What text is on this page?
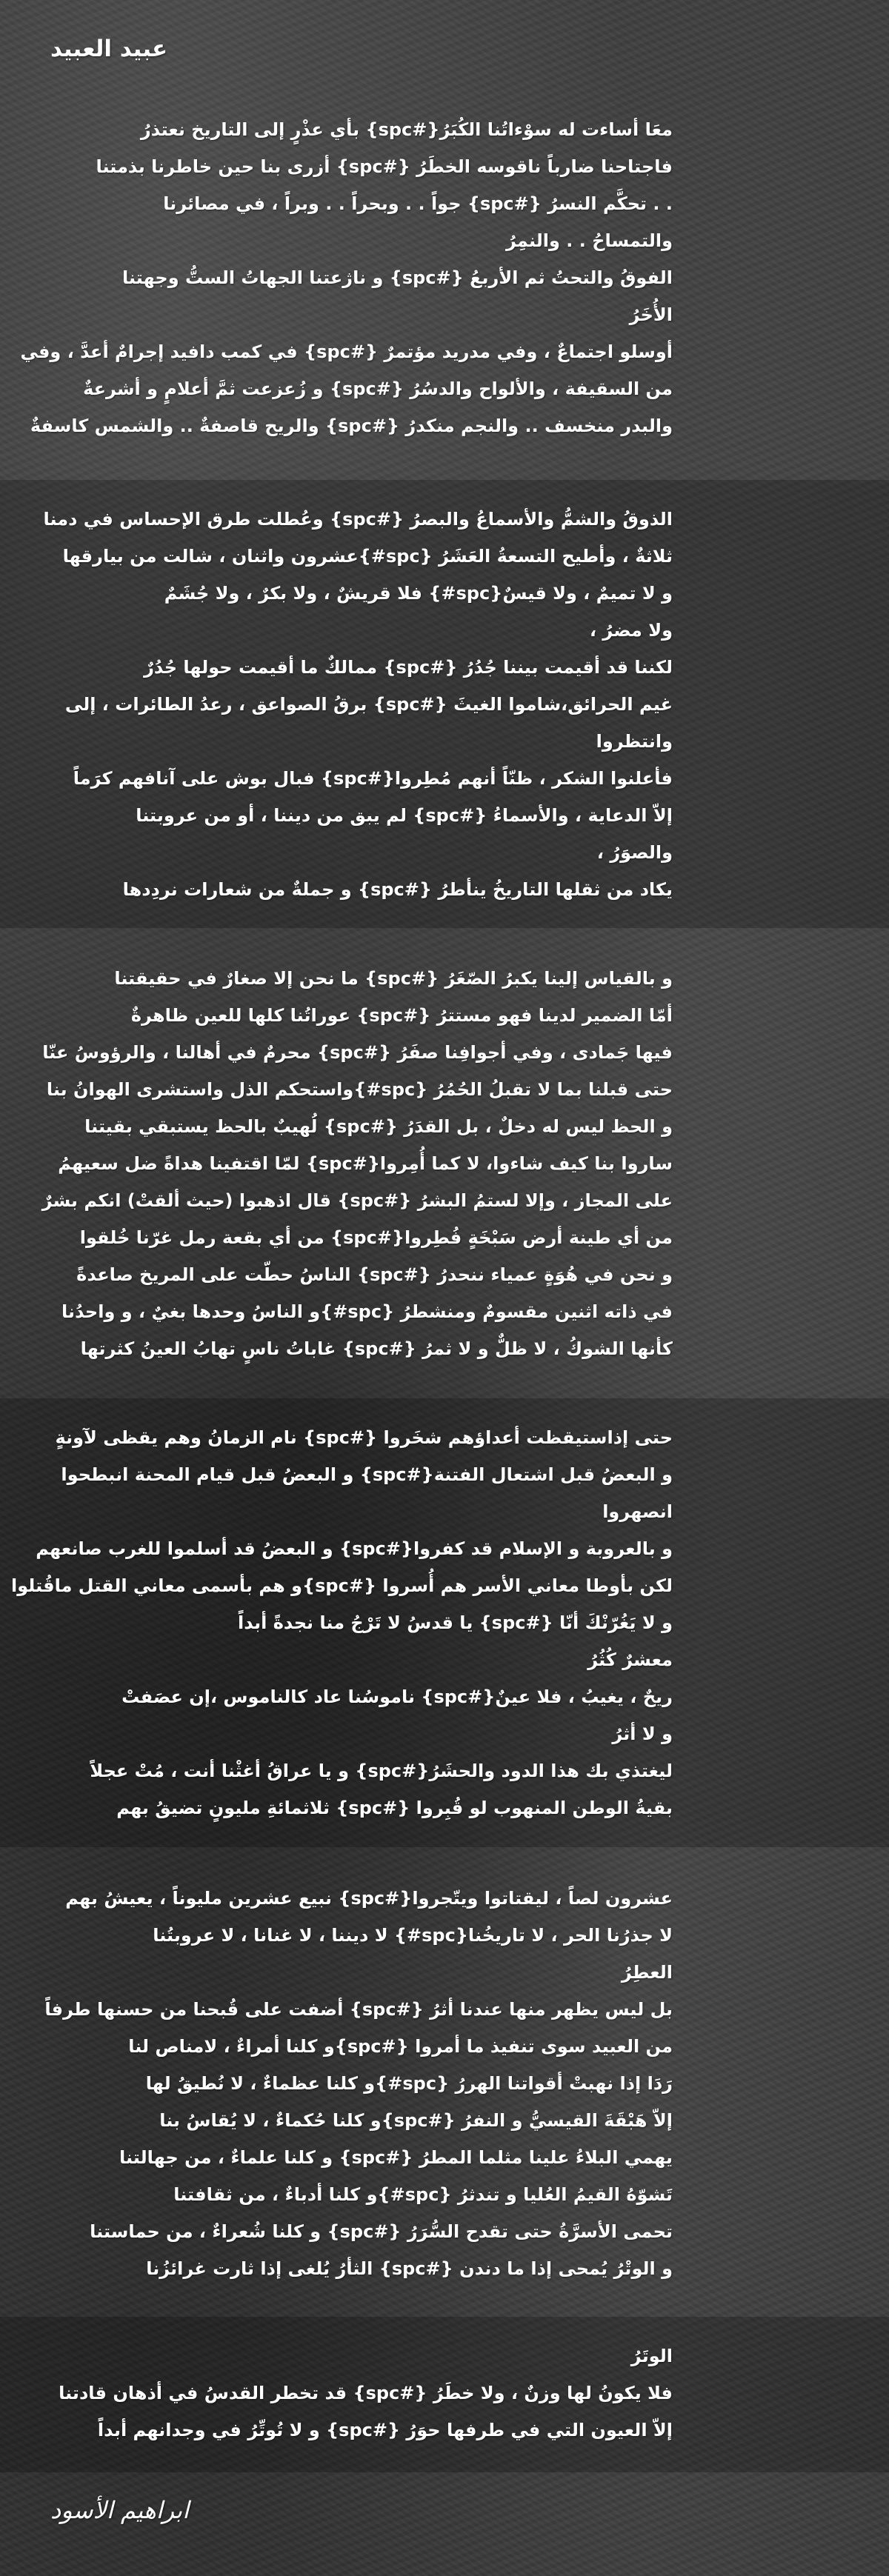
عبيد العبيد
معَا أساءت له سوْءاتُنا الكُبَرُ{#spc} بأي عذْرٍ إلى التاريخ نعتذرُ
فاجتاحنا ضارباً ناقوسه الخطَرُ {#spc} أزرى بنا حين خاطرنا بذمتنا
. . تحكَّم النسرُ {#spc} جواً . . وبحراً . . وبراً ، في مصائرنا
والتمساحُ . . والنمِرُ
الفوقُ والتحتُ ثم الأربعُ {#spc} و ناژعتنا الجهاتُ الستُّ وجهتنا
الأُخَرُ
أوسلو اجتماعٌ ، وفي مدريد مؤتمرٌ {#spc} في كمب دافيد إجرامٌ أعدَّ ، وفي
من السقيفة ، والألواح والدسُرُ {#spc} و زُعزعت ثمَّ أعلامٍ و أشرعةٌ
والبدر منخسف .. والنجم منكدرُ {#spc} والريح قاصفةٌ .. والشمس كاسفةٌ
الذوقُ والشمُّ والأسماعُ والبصرُ {#spc} وعُطلت طرق الإحساس في دمنا
ثلاثةٌ ، وأطيح التسعةُ العَشَرُ {spc#}عشرون واثنان ، شالت من بيارقها
و لا تميمٌ ، ولا قيسٌ{spc#} فلا قريشٌ ، ولا بكرٌ ، ولا جُشَمٌ
ولا مضرُ ،
لكننا قد أقيمت بيننا جُدُرُ {#spc} ممالكٌ ما أقيمت حولها جُدُرٌ
غيم الحرائق،شاموا الغيثَ {#spc} برقُ الصواعق ، رعدُ الطائرات ، إلى
وانتظروا
فأعلنوا الشكر ، ظنّاً أنهم مُطِروا{#spc} فبال بوش على آنافهم كرَماً
إلاّ الدعاية ، والأسماءُ {#spc} لم يبق من ديننا ، أو من عروبتنا
والصوَرُ ،
يكاد من ثقلها التاريخُ ينأطرُ {#spc} و جملةٌ من شعارات نردِدها
و بالقياس إلينا يكبرُ الصّغَرُ {#spc} ما نحن إلا صغارٌ في حقيقتنا
أمّا الضمير لدينا فهو مستترُ {#spc} عوراتُنا كلها للعين ظاهرةٌ
فيها جَمادى ، وفي أجوافِنا صفَرُ {#spc} محرمٌ في أهالنا ، والرؤوسُ عنّا
حتى قبلنا بما لا تقبلُ الحُمُرُ {spc#}واستحكم الذل واستشرى الهوانُ بنا
و الحظ ليس له دخلٌ ، بل القدَرُ {#spc} لُهيبٌ بالحظ يستبقي بقيتنا
ساروا بنا كيف شاءوا، لا كما أُمِروا{#spc} لمّا اقتفينا هداةً ضل سعيهمُ
على المجاز ، وإلا لستمُ البشرُ {#spc} قال اذهبوا (حيث ألقتْ) انكم بشرٌ
من أي طينة أرض سَبْخَةٍ فُطِروا{#spc} من أي بقعة رمل غرّنا خُلقوا
و نحن في هُوَةٍ عمياء ننحدرُ {#spc} الناسُ حطّت على المريخ صاعدةً
في ذاته اثنين مقسومٌ ومنشطرُ {spc#}و الناسُ وحدها بغيٌ ، و واحدُنا
كأنها الشوكُ ، لا ظلٌّ و لا ثمرُ {#spc} غاباتُ ناسٍ تهابُ العينُ كثرتها
حتى إذاستيقظت أعداؤهم شخَروا {#spc} نام الزمانُ وهم يقظى لآونةٍ
و البعضُ قبل اشتعال الفتنة{#spc} و البعضُ قبل قيام المحنة انبطحوا
انصهروا
و بالعروبة و الإسلام قد كفروا{#spc} و البعضُ قد أسلموا للغرب صانعهم
لكن بأوطا معاني الأسر هم أُسروا {#spc}و هم بأسمى معاني القتل ماقُتلوا
و لا يَغُرّنْكَ أنّا {#spc} يا قدسُ لا تَرْجُ منا نجدةً أبداً
معشرٌ كُثُرُ
ريحٌ ، يغيبُ ، فلا عينٌ{#spc} ناموسُنا عاد كالناموس ،إن عصَفتْ
و لا أثرُ
ليغتذي بك هذا الدود والحشَرُ{#spc} و يا عراقُ أغثْنا أنت ، مُتْ عجلاً
بقيةُ الوطن المنهوب لو قُبِروا {#spc} ثلاثمائةِ مليونٍ تضيقُ بهم
عشرون لصاً ، ليقتاتوا ويتّجروا{#spc} نبيع عشرين مليوناً ، يعيشُ بهم
لا جذرُنا الحر ، لا تاريخُنا{spc#} لا ديننا ، لا غنانا ، لا عروبتُنا
العطِرُ
بل ليس يظهر منها عندنا أثرُ {#spc} أضفت على قُبحنا من حسنها طرفاً
من العبيد سوى تنفيذ ما أمروا {#spc}و كلنا أمراءٌ ، لامناص لنا
رَدَا إذا نهبتْ أقواتنا الهررُ {spc#}و كلنا عظماءٌ ، لا نُطيقُ لها
إلاّ هَبْقَةَ القيسيُّ و النفرُ {#spc}و كلنا حُكماءٌ ، لا يُقاسُ بنا
يهمي البلاءُ علينا مثلما المطرُ {#spc} و كلنا علماءٌ ، من جهالتنا
تَشوّهُ القيمُ العُليا و تندثرُ {spc#}و كلنا أدباءٌ ، من ثقافتنا
تحمى الأسرَّةُ حتى تقدح السُّرَرُ {#spc} و كلنا شُعراءٌ ، من حماستنا
و الوتْرُ يُمحى إذا ما دندن {#spc} الثأرُ يُلغى إذا ثارت غرائزُنا
الوتَرُ
فلا يكونُ لها وزنٌ ، ولا خطَرُ {#spc} قد تخطر القدسُ في أذهان قادتنا
إلاّ العيون التي في طرفها حوَرُ {#spc} و لا تُوتِّرُ في وجدانهم أبداً
ابراهيم الأسود
